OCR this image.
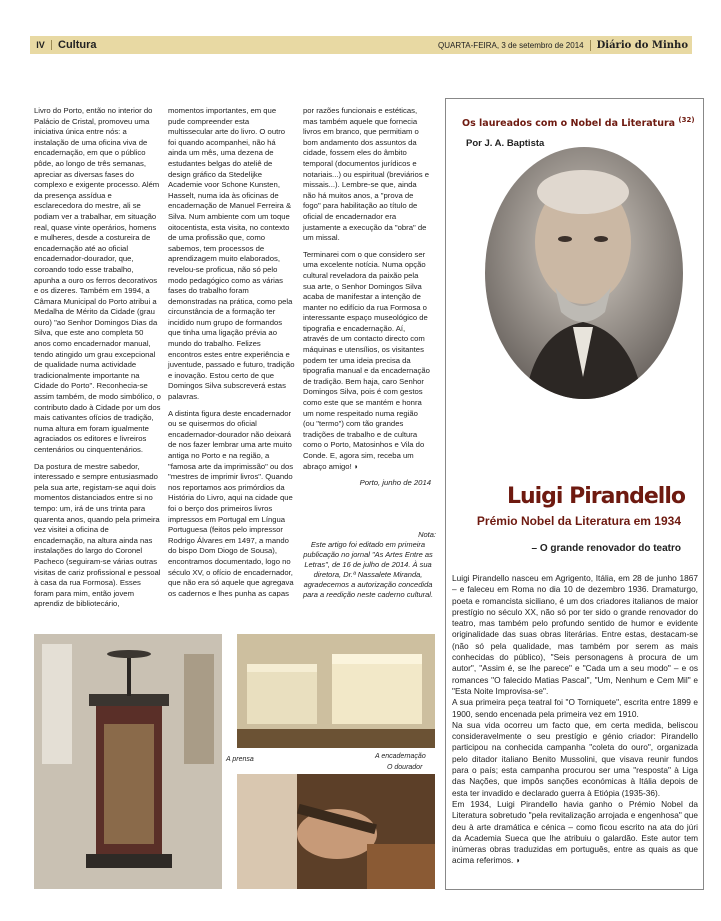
IV	Cultura	QUARTA-FEIRA, 3 de setembro de 2014	Diário do Minho

Livro do Porto, então no interior do Palácio de Cristal, promoveu uma iniciativa única entre nós: a instalação de uma oficina viva de encadernação, em que o público pôde, ao longo de três semanas, apreciar as diversas fases do complexo e exigente processo. Além da presença assídua e esclarecedora do mestre, ali se podiam ver a trabalhar, em situação real, quase vinte operários, homens e mulheres, desde a costureira de encadernação até ao oficial encadernador-dourador, que, coroando todo esse trabalho, apunha a ouro os ferros decorativos e os dizeres. Também em 1994, a Câmara Municipal do Porto atribui a Medalha de Mérito da Cidade (grau ouro) "ao Senhor Domingos Dias da Silva, que este ano completa 50 anos como encadernador manual, tendo atingido um grau excepcional de qualidade numa actividade tradicionalmente importante na Cidade do Porto". Reconhecia-se assim também, de modo simbólico, o contributo dado à Cidade por um dos mais cativantes ofícios de tradição, numa altura em foram igualmente agraciados os editores e livreiros centenários ou cinquentenários.

Da postura de mestre sabedor, interessado e sempre entusiasmado pela sua arte, registam-se aqui dois momentos distanciados entre si no tempo: um, irá de uns trinta para quarenta anos, quando pela primeira vez visitei a oficina de encadernação, na altura ainda nas instalações do largo do Coronel Pacheco (seguiram-se várias outras visitas de cariz profissional e pessoal à casa da rua Formosa). Esses foram para mim, então jovem aprendiz de bibliotecário,

momentos importantes, em que pude compreender esta multissecular arte do livro. O outro foi quando acompanhei, não há ainda um mês, uma dezena de estudantes belgas do ateliê de design gráfico da Stedelijke Academie voor Schone Kunsten, Hasselt, numa ida às oficinas de encadernação de Manuel Ferreira & Silva. Num ambiente com um toque oitocentista, esta visita, no contexto de uma profissão que, como sabemos, tem processos de aprendizagem muito elaborados, revelou-se proficua, não só pelo modo pedagógico como as várias fases do trabalho foram demonstradas na prática, como pela circunstância de a formação ter incidido num grupo de formandos que tinha uma ligação prévia ao mundo do trabalho. Felizes encontros estes entre experiência e juventude, passado e futuro, tradição e inovação. Estou certo de que Domingos Silva subscreverá estas palavras.

A distinta figura deste encadernador ou se quisermos do oficial encadernador-dourador não deixará de nos fazer lembrar uma arte muito antiga no Porto e na região, a "famosa arte da imprimissão" ou dos "mestres de imprimir livros". Quando nos reportamos aos primórdios da História do Livro, aqui na cidade que foi o berço dos primeiros livros impressos em Portugal em Língua Portuguesa (feitos pelo impressor Rodrigo Álvares em 1497, a mando do bispo Dom Diogo de Sousa), encontramos documentado, logo no século XV, o ofício de encadernador, que não era só aquele que agregava os cadernos e lhes punha as capas

por razões funcionais e estéticas, mas também aquele que fornecia livros em branco, que permitiam o bom andamento dos assuntos da cidade, fossem eles do âmbito temporal (documentos jurídicos e notariais...) ou espiritual (breviários e missais...). Lembre-se que, ainda não há muitos anos, a "prova de fogo" para habilitação ao título de oficial de encadernador era justamente a execução da "obra" de um missal.

Terminarei com o que considero ser uma excelente notícia. Numa opção cultural reveladora da paixão pela sua arte, o Senhor Domingos Silva acaba de manifestar a intenção de manter no edifício da rua Formosa o interessante espaço museológico de tipografia e encadernação. Aí, através de um contacto directo com máquinas e utensílios, os visitantes podem ter uma ideia precisa da tipografia manual e da encadernação de tradição. Bem haja, caro Senhor Domingos Silva, pois é com gestos como este que se mantém e honra um nome respeitado numa região (ou "termo") com tão grandes tradições de trabalho e de cultura como o Porto, Matosinhos e Vila do Conde. E, agora sim, receba um abraço amigo! ◗

Porto, junho de 2014

Nota:
Este artigo foi editado em primeira publicação no jornal "As Artes Entre as Letras", de 16 de julho de 2014. À sua diretora, Dr.ª Nassalete Miranda, agradecemos a autorização concedida para a reedição neste caderno cultural.
A prensa	A encadernação
O dourador
Os laureados com o Nobel da Literatura $^{(32)}$
Por J. A. Baptista
Luigi Pirandello
Prémio Nobel da Literatura em 1934
– O grande renovador do teatro

Luigi Pirandello nasceu em Agrigento, Itália, em 28 de junho 1867 – e faleceu em Roma no dia 10 de dezembro 1936. Dramaturgo, poeta e romancista siciliano, é um dos criadores italianos de maior prestígio no século XX, não só por ter sido o grande renovador do teatro, mas também pelo profundo sentido de humor e evidente originalidade das suas obras literárias. Entre estas, destacam-se (não só pela qualidade, mas também por serem as mais conhecidas do público), "Seis personagens à procura de um autor", "Assim é, se lhe parece" e "Cada um a seu modo" – e os romances "O falecido Matias Pascal", "Um, Nenhum e Cem Mil" e "Esta Noite Improvisa-se".

A sua primeira peça teatral foi "O Torniquete", escrita entre 1899 e 1900, sendo encenada pela primeira vez em 1910.

Na sua vida ocorreu um facto que, em certa medida, beliscou consideravelmente o seu prestígio e génio criador: Pirandello participou na conhecida campanha "coleta do ouro", organizada pelo ditador italiano Benito Mussolini, que visava reunir fundos para o país; esta campanha procurou ser uma "resposta" à Liga das Nações, que impôs sanções económicas à Itália depois de esta ter invadido e declarado guerra à Etiópia (1935-36).

Em 1934, Luigi Pirandello havia ganho o Prémio Nobel da Literatura sobretudo "pela revitalização arrojada e engenhosa" que deu à arte dramática e cénica – como ficou escrito na ata do júri da Academia Sueca que lhe atribuiu o galardão. Este autor tem inúmeras obras traduzidas em português, entre as quais as que acima referimos. ◗
